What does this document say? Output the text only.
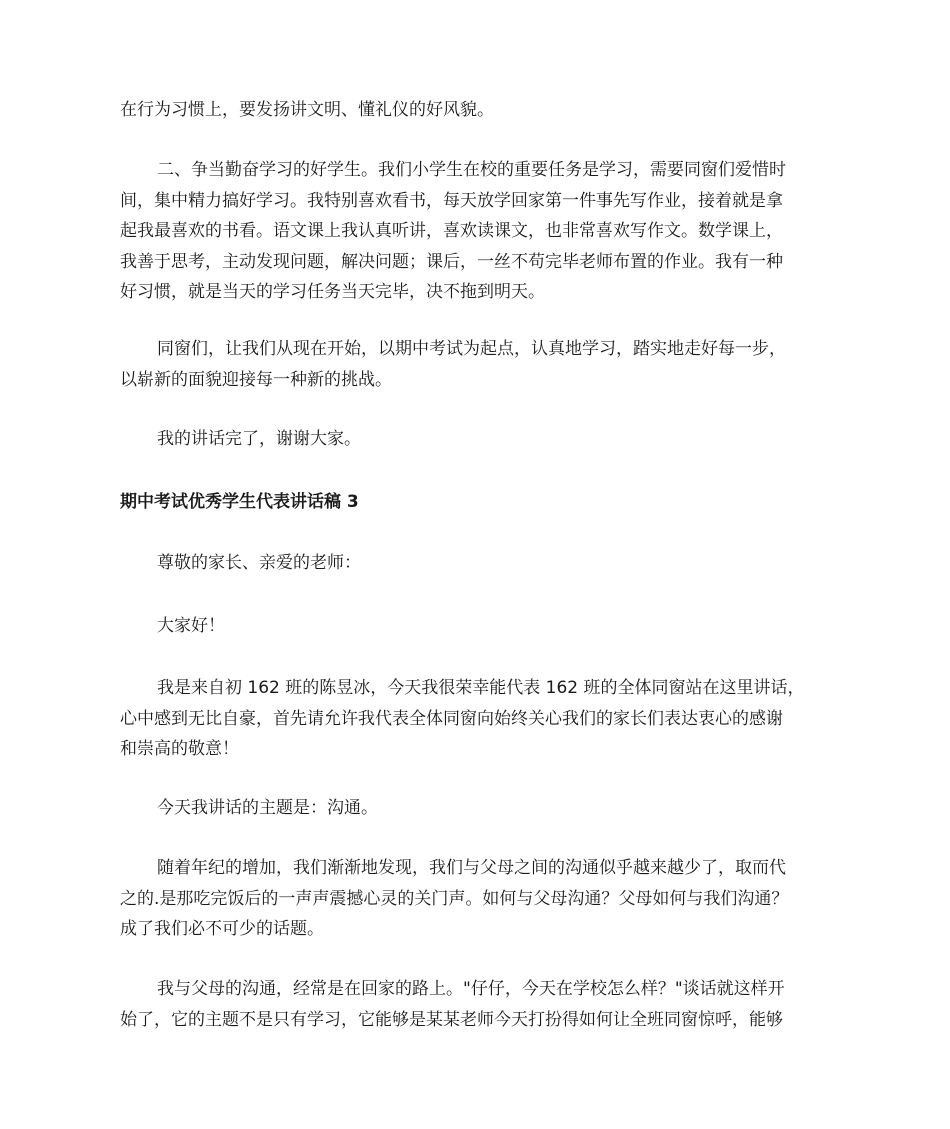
在行为习惯上，要发扬讲文明、懂礼仪的好风貌。

二、争当勤奋学习的好学生。我们小学生在校的重要任务是学习，需要同窗们爱惜时
间，集中精力搞好学习。我特别喜欢看书，每天放学回家第一件事先写作业，接着就是拿
起我最喜欢的书看。语文课上我认真听讲，喜欢读课文，也非常喜欢写作文。数学课上，
我善于思考，主动发现问题，解决问题；课后，一丝不苟完毕老师布置的作业。我有一种
好习惯，就是当天的学习任务当天完毕，决不拖到明天。

同窗们，让我们从现在开始，以期中考试为起点，认真地学习，踏实地走好每一步，
以崭新的面貌迎接每一种新的挑战。

我的讲话完了，谢谢大家。

期中考试优秀学生代表讲话稿 3

尊敬的家长、亲爱的老师：

大家好！

我是来自初 162 班的陈昱冰，今天我很荣幸能代表 162 班的全体同窗站在这里讲话，
心中感到无比自豪，首先请允许我代表全体同窗向始终关心我们的家长们表达衷心的感谢
和崇高的敬意！

今天我讲话的主题是：沟通。

随着年纪的增加，我们渐渐地发现，我们与父母之间的沟通似乎越来越少了，取而代
之的.是那吃完饭后的一声声震撼心灵的关门声。如何与父母沟通？父母如何与我们沟通？
成了我们必不可少的话题。

我与父母的沟通，经常是在回家的路上。"仔仔，今天在学校怎么样？"谈话就这样开
始了，它的主题不是只有学习，它能够是某某老师今天打扮得如何让全班同窗惊呼，能够
